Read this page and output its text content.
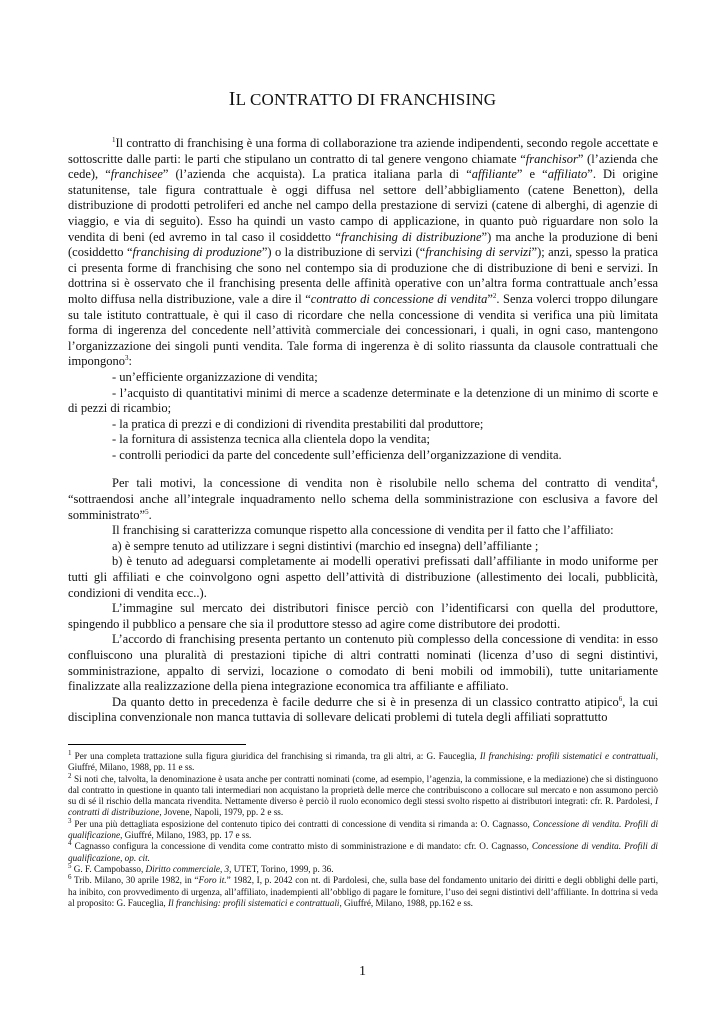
IL CONTRATTO DI FRANCHISING

$^1$Il contratto di franchising è una forma di collaborazione tra aziende indipendenti, secondo regole accettate e sottoscritte dalle parti: le parti che stipulano un contratto di tal genere vengono chiamate “franchisor” (l’azienda che cede), “franchisee” (l’azienda che acquista). La pratica italiana parla di “affiliante” e “affiliato”. Di origine statunitense, tale figura contrattuale è oggi diffusa nel settore dell’abbigliamento (catene Benetton), della distribuzione di prodotti petroliferi ed anche nel campo della prestazione di servizi (catene di alberghi, di agenzie di viaggio, e via di seguito). Esso ha quindi un vasto campo di applicazione, in quanto può riguardare non solo la vendita di beni (ed avremo in tal caso il cosiddetto “franchising di distribuzione”) ma anche la produzione di beni (cosiddetto “franchising di produzione”) o la distribuzione di servizi (“franchising di servizi”); anzi, spesso la pratica ci presenta forme di franchising che sono nel contempo sia di produzione che di distribuzione di beni e servizi. In dottrina si è osservato che il franchising presenta delle affinità operative con un’altra forma contrattuale anch’essa molto diffusa nella distribuzione, vale a dire il “contratto di concessione di vendita”$^2$. Senza volerci troppo dilungare su tale istituto contrattuale, è qui il caso di ricordare che nella concessione di vendita si verifica una più limitata forma di ingerenza del concedente nell’attività commerciale dei concessionari, i quali, in ogni caso, mantengono l’organizzazione dei singoli punti vendita. Tale forma di ingerenza è di solito riassunta da clausole contrattuali che impongono$^3$:

- un’efficiente organizzazione di vendita;

- l’acquisto di quantitativi minimi di merce a scadenze determinate e la detenzione di un minimo di scorte e di pezzi di ricambio;

- la pratica di prezzi e di condizioni di rivendita prestabiliti dal produttore;

- la fornitura di assistenza tecnica alla clientela dopo la vendita;

- controlli periodici da parte del concedente sull’efficienza dell’organizzazione di vendita.

Per tali motivi, la concessione di vendita non è risolubile nello schema del contratto di vendita$^4$, “sottraendosi anche all’integrale inquadramento nello schema della somministrazione con esclusiva a favore del somministrato”$^5$.

Il franchising si caratterizza comunque rispetto alla concessione di vendita per il fatto che l’affiliato:

a) è sempre tenuto ad utilizzare i segni distintivi (marchio ed insegna) dell’affiliante ;

b) è tenuto ad adeguarsi completamente ai modelli operativi prefissati dall’affiliante in modo uniforme per tutti gli affiliati e che coinvolgono ogni aspetto dell’attività di distribuzione (allestimento dei locali, pubblicità, condizioni di vendita ecc..).

L’immagine sul mercato dei distributori finisce perciò con l’identificarsi con quella del produttore, spingendo il pubblico a pensare che sia il produttore stesso ad agire come distributore dei prodotti.

L’accordo di franchising presenta pertanto un contenuto più complesso della concessione di vendita: in esso confluiscono una pluralità di prestazioni tipiche di altri contratti nominati (licenza d’uso di segni distintivi, somministrazione, appalto di servizi, locazione o comodato di beni mobili od immobili), tutte unitariamente finalizzate alla realizzazione della piena integrazione economica tra affiliante e affiliato.

Da quanto detto in precedenza è facile dedurre che si è in presenza di un classico contratto atipico$^6$, la cui disciplina convenzionale non manca tuttavia di sollevare delicati problemi di tutela degli affiliati soprattutto

$^1$ Per una completa trattazione sulla figura giuridica del franchising si rimanda, tra gli altri, a: G. Fauceglia, Il franchising: profili sistematici e contrattuali, Giuffré, Milano, 1988, pp. 11 e ss.

$^2$ Si noti che, talvolta, la denominazione è usata anche per contratti nominati (come, ad esempio, l’agenzia, la commissione, e la mediazione) che si distinguono dal contratto in questione in quanto tali intermediari non acquistano la proprietà delle merce che contribuiscono a collocare sul mercato e non assumono perciò su di sé il rischio della mancata rivendita. Nettamente diverso è perciò il ruolo economico degli stessi svolto rispetto ai distributori integrati: cfr. R. Pardolesi, I contratti di distribuzione, Jovene, Napoli, 1979, pp. 2 e ss.

$^3$ Per una più dettagliata esposizione del contenuto tipico dei contratti di concessione di vendita si rimanda a: O. Cagnasso, Concessione di vendita. Profili di qualificazione, Giuffré, Milano, 1983, pp. 17 e ss.

$^4$ Cagnasso configura la concessione di vendita come contratto misto di somministrazione e di mandato: cfr. O. Cagnasso, Concessione di vendita. Profili di qualificazione, op. cit.

$^5$ G. F. Campobasso, Diritto commerciale, 3, UTET, Torino, 1999, p. 36.

$^6$ Trib. Milano, 30 aprile 1982, in “Foro it.” 1982, I, p. 2042 con nt. di Pardolesi, che, sulla base del fondamento unitario dei diritti e degli obblighi delle parti, ha inibito, con provvedimento di urgenza, all’affiliato, inadempienti all’obbligo di pagare le forniture, l’uso dei segni distintivi dell’affiliante. In dottrina si veda al proposito: G. Fauceglia, Il franchising: profili sistematici e contrattuali, Giuffré, Milano, 1988, pp.162 e ss.

1
